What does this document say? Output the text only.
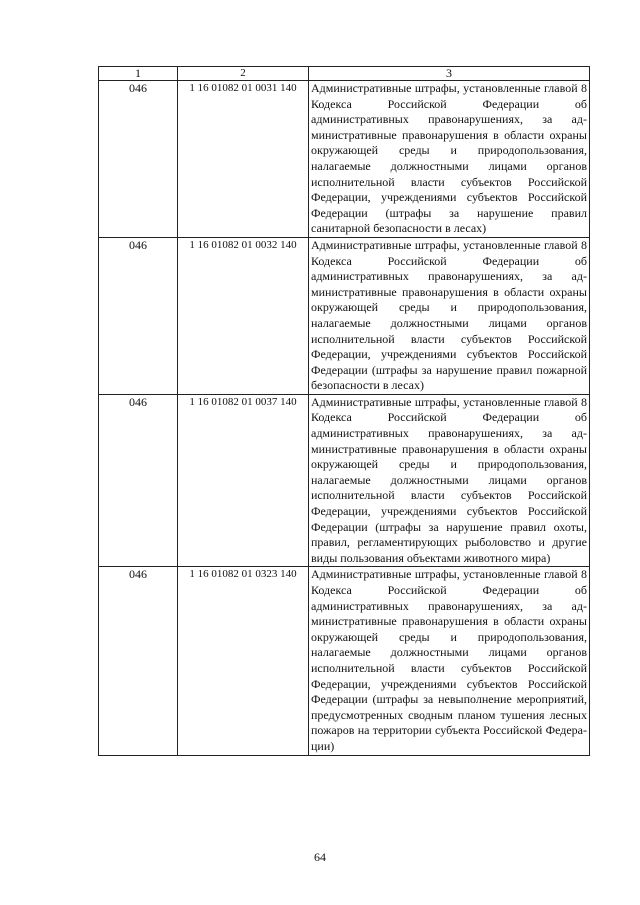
1	2	3
046	1 16 01082 01 0031 140	Административные штрафы, установленные главой 8 Кодекса Российской Федерации об административных правонарушениях, за административные правонарушения в области охраны окружающей среды и природопользования, налагаемые должностными лицами органов исполнительной власти субъектов Российской Федерации, учреждениями субъектов Российской Федерации (штрафы за нарушение правил санитарной безопасности в лесах)
046	1 16 01082 01 0032 140	Административные штрафы, установленные главой 8 Кодекса Российской Федерации об административных правонарушениях, за административные правонарушения в области охраны окружающей среды и природопользования, налагаемые должностными лицами органов исполнительной власти субъектов Российской Федерации, учреждениями субъектов Российской Федерации (штрафы за нарушение правил пожарной безопасности в лесах)
046	1 16 01082 01 0037 140	Административные штрафы, установленные главой 8 Кодекса Российской Федерации об административных правонарушениях, за административные правонарушения в области охраны окружающей среды и природопользования, налагаемые должностными лицами органов исполнительной власти субъектов Российской Федерации, учреждениями субъектов Российской Федерации (штрафы за нарушение правил охоты, правил, регламентирующих рыболовство и другие виды пользования объектами животного мира)
046	1 16 01082 01 0323 140	Административные штрафы, установленные главой 8 Кодекса Российской Федерации об административных правонарушениях, за административные правонарушения в области охраны окружающей среды и природопользования, налагаемые должностными лицами органов исполнительной власти субъектов Российской Федерации, учреждениями субъектов Российской Федерации (штрафы за невыполнение мероприятий, предусмотренных сводным планом тушения лесных пожаров на территории субъекта Российской Федерации)
64
